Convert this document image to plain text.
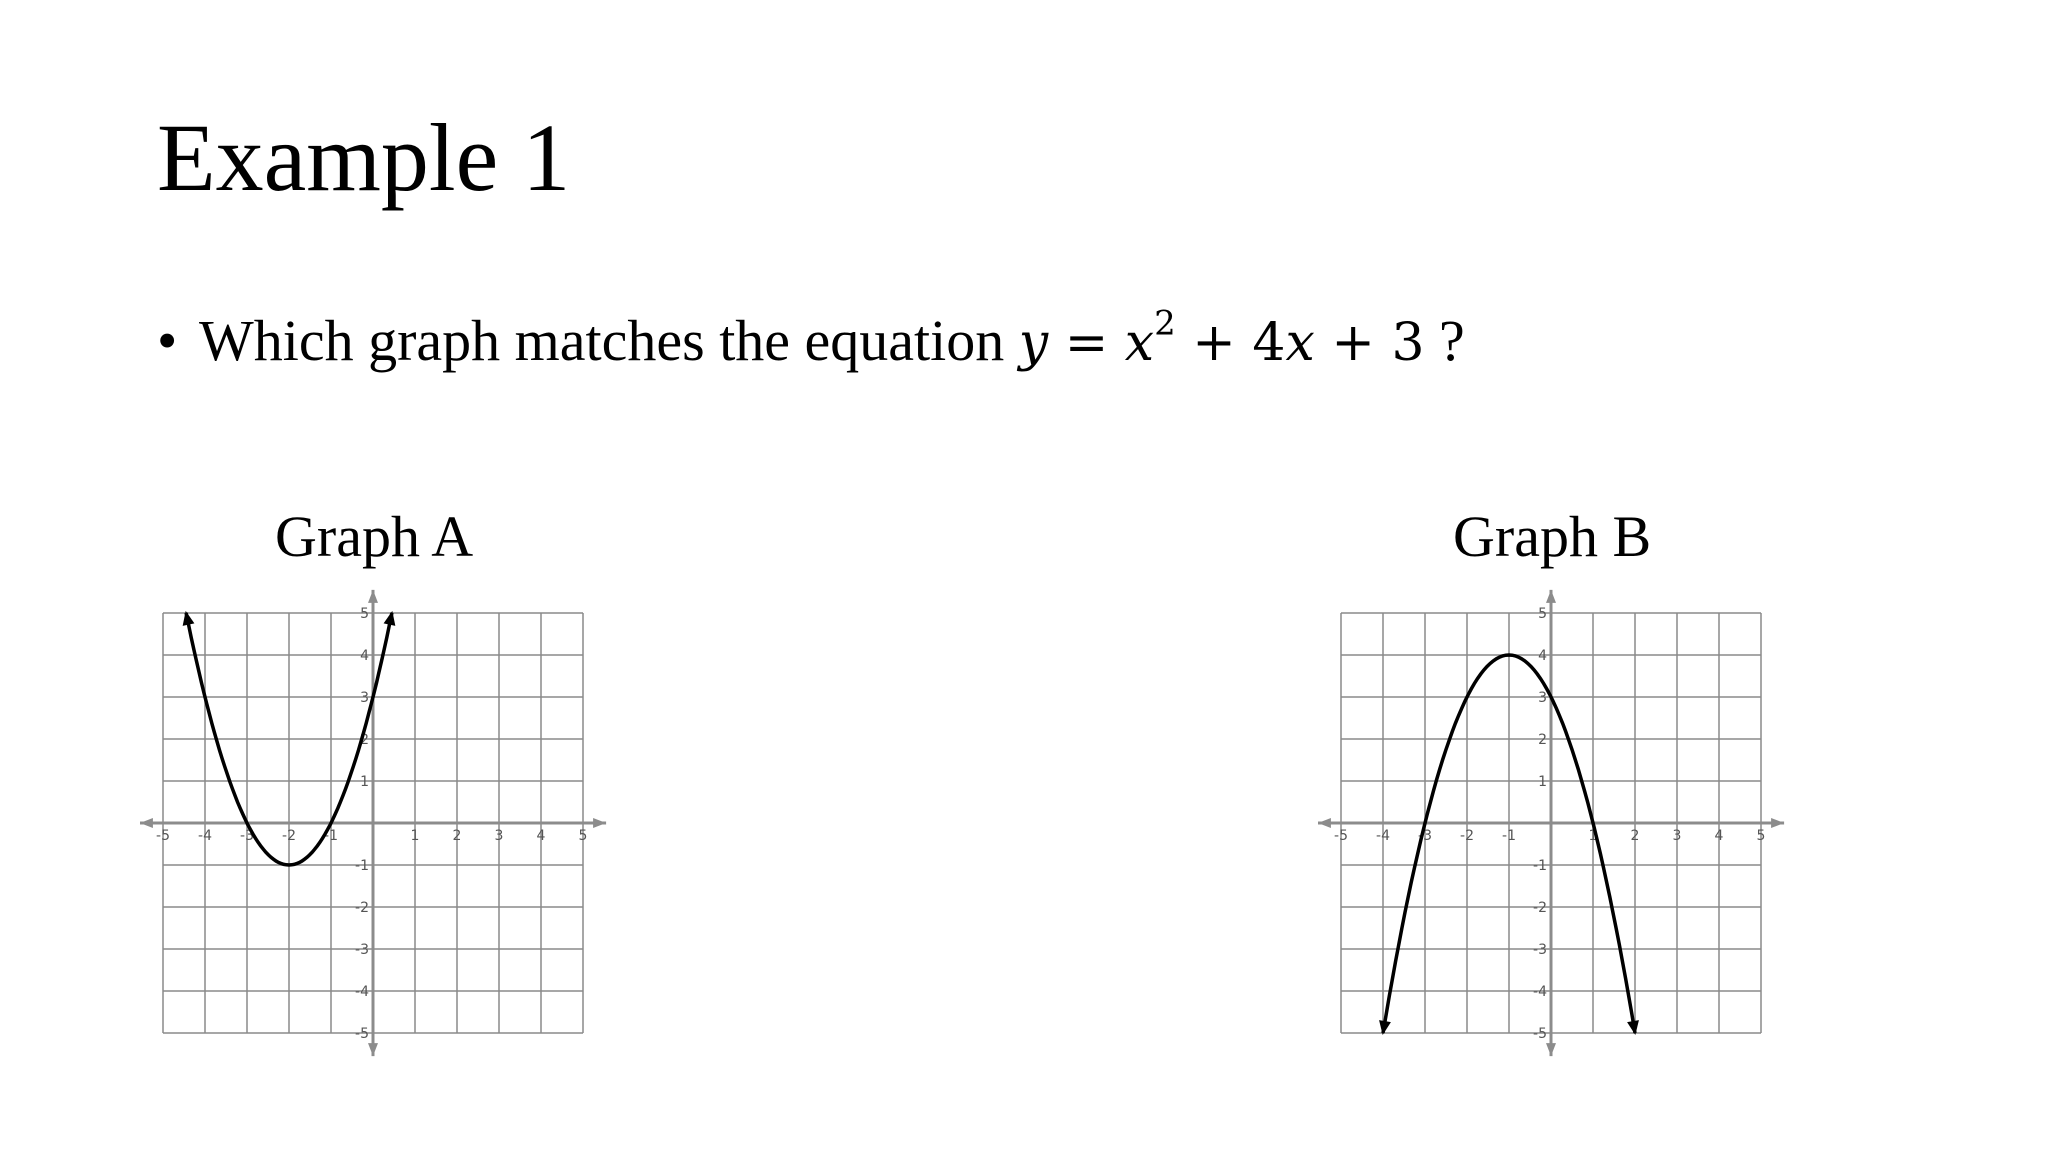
Example 1
• Which graph matches the equation $y = x^2 + 4x + 3$ ?
Graph A	Graph B
-5 -4 -3 -2 -1	1 2 3 4 5
-5
-4
-3
-2
-1
1
2
3
4
5
-5 -4 -3 -2 -1	1 2 3 4 5
-5
-4
-3
-2
-1
1
2
3
4
5
